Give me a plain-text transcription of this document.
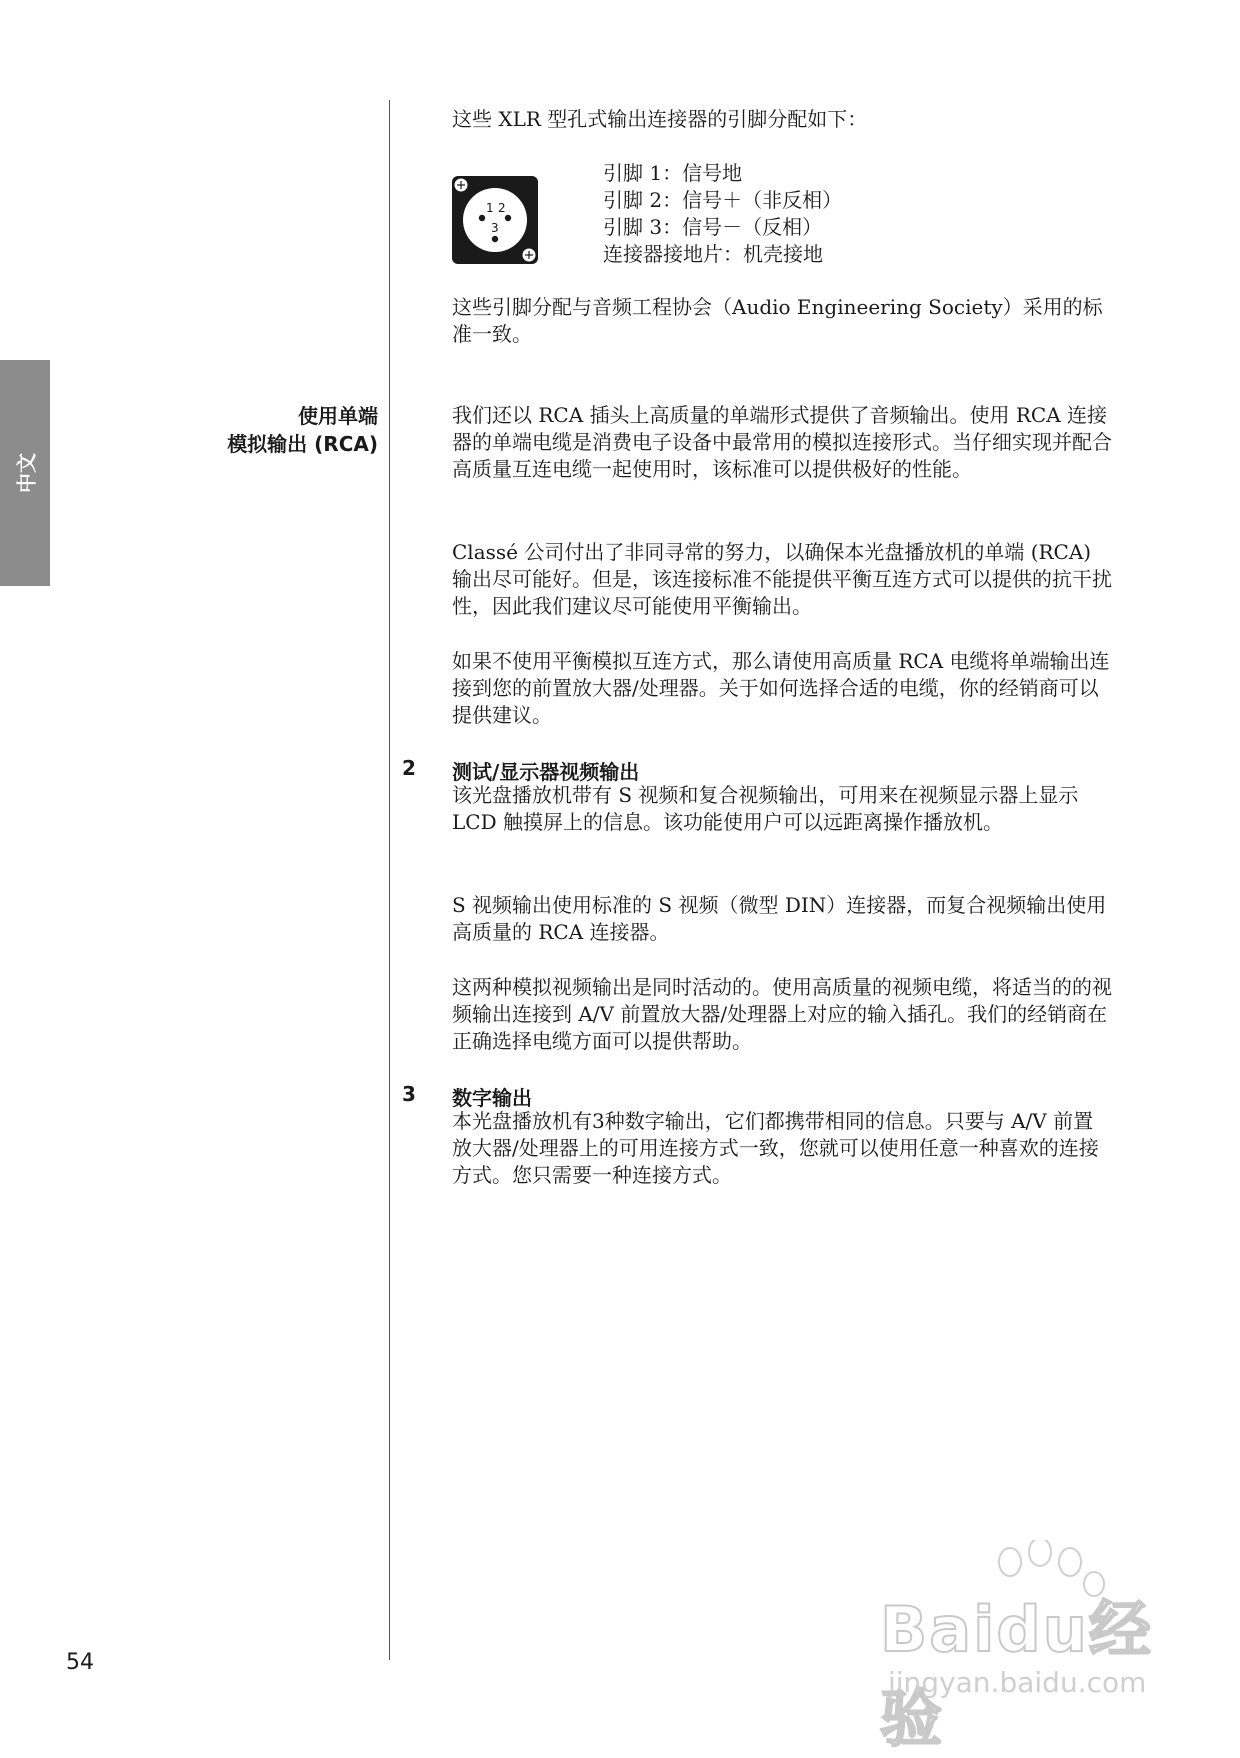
中文

这些 XLR 型孔式输出连接器的引脚分配如下：

1 2
3
引脚 1：信号地
引脚 2：信号＋（非反相）
引脚 3：信号－（反相）
连接器接地片：机壳接地

这些引脚分配与音频工程协会（Audio Engineering Society）采用的标准一致。

使用单端
模拟输出 (RCA)

我们还以 RCA 插头上高质量的单端形式提供了音频输出。使用 RCA 连接器的单端电缆是消费电子设备中最常用的模拟连接形式。当仔细实现并配合高质量互连电缆一起使用时，该标准可以提供极好的性能。

Classé 公司付出了非同寻常的努力，以确保本光盘播放机的单端 (RCA) 输出尽可能好。但是，该连接标准不能提供平衡互连方式可以提供的抗干扰性，因此我们建议尽可能使用平衡输出。

如果不使用平衡模拟互连方式，那么请使用高质量 RCA 电缆将单端输出连接到您的前置放大器/处理器。关于如何选择合适的电缆，你的经销商可以提供建议。

2 测试/显示器视频输出

该光盘播放机带有 S 视频和复合视频输出，可用来在视频显示器上显示 LCD 触摸屏上的信息。该功能使用户可以远距离操作播放机。

S 视频输出使用标准的 S 视频（微型 DIN）连接器，而复合视频输出使用高质量的 RCA 连接器。

这两种模拟视频输出是同时活动的。使用高质量的视频电缆，将适当的的视频输出连接到 A/V 前置放大器/处理器上对应的输入插孔。我们的经销商在正确选择电缆方面可以提供帮助。

3 数字输出

本光盘播放机有3种数字输出，它们都携带相同的信息。只要与 A/V 前置放大器/处理器上的可用连接方式一致，您就可以使用任意一种喜欢的连接方式。您只需要一种连接方式。

54	Baidu经验
jingyan.baidu.com
